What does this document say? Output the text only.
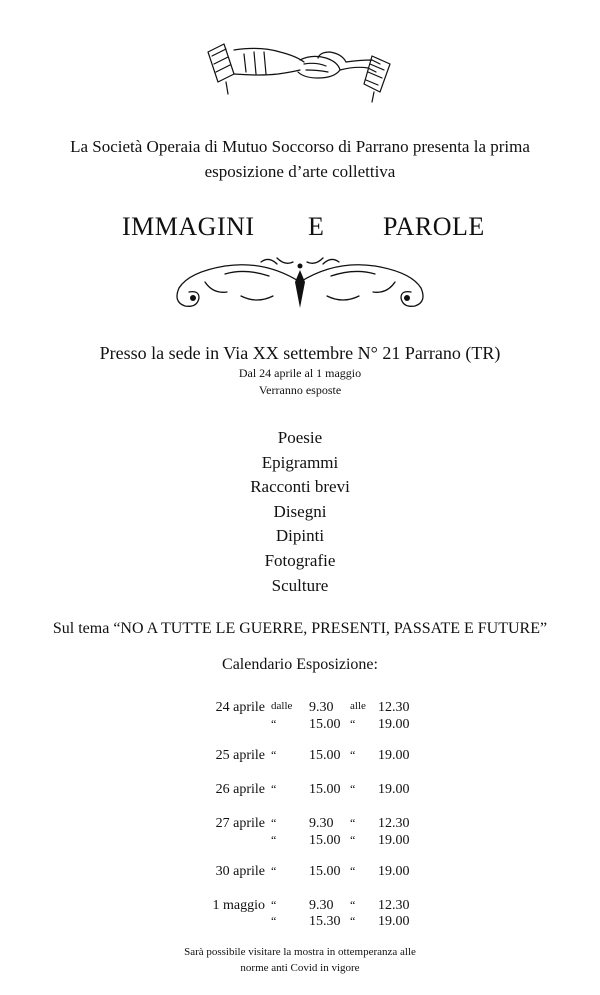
La Società Operaia di Mutuo Soccorso di Parrano presenta la prima
esposizione d’arte collettiva
IMMAGINI E PAROLE
Presso la sede in Via XX settembre N° 21 Parrano (TR)
Dal 24 aprile al 1 maggio
Verranno esposte
Poesie
Epigrammi
Racconti brevi
Disegni
Dipinti
Fotografie
Sculture
Sul tema “NO A TUTTE LE GUERRE, PRESENTI, PASSATE E FUTURE”
Calendario Esposizione:
24 aprile dalle 9.30 alle 12.30
“ 15.00 “ 19.00
25 aprile “ 15.00 “ 19.00
26 aprile “ 15.00 “ 19.00
27 aprile “ 9.30 “ 12.30
“ 15.00 “ 19.00
30 aprile “ 15.00 “ 19.00
1 maggio “ 9.30 “ 12.30
“ 15.30 “ 19.00
Sarà possibile visitare la mostra in ottemperanza alle
norme anti Covid in vigore
